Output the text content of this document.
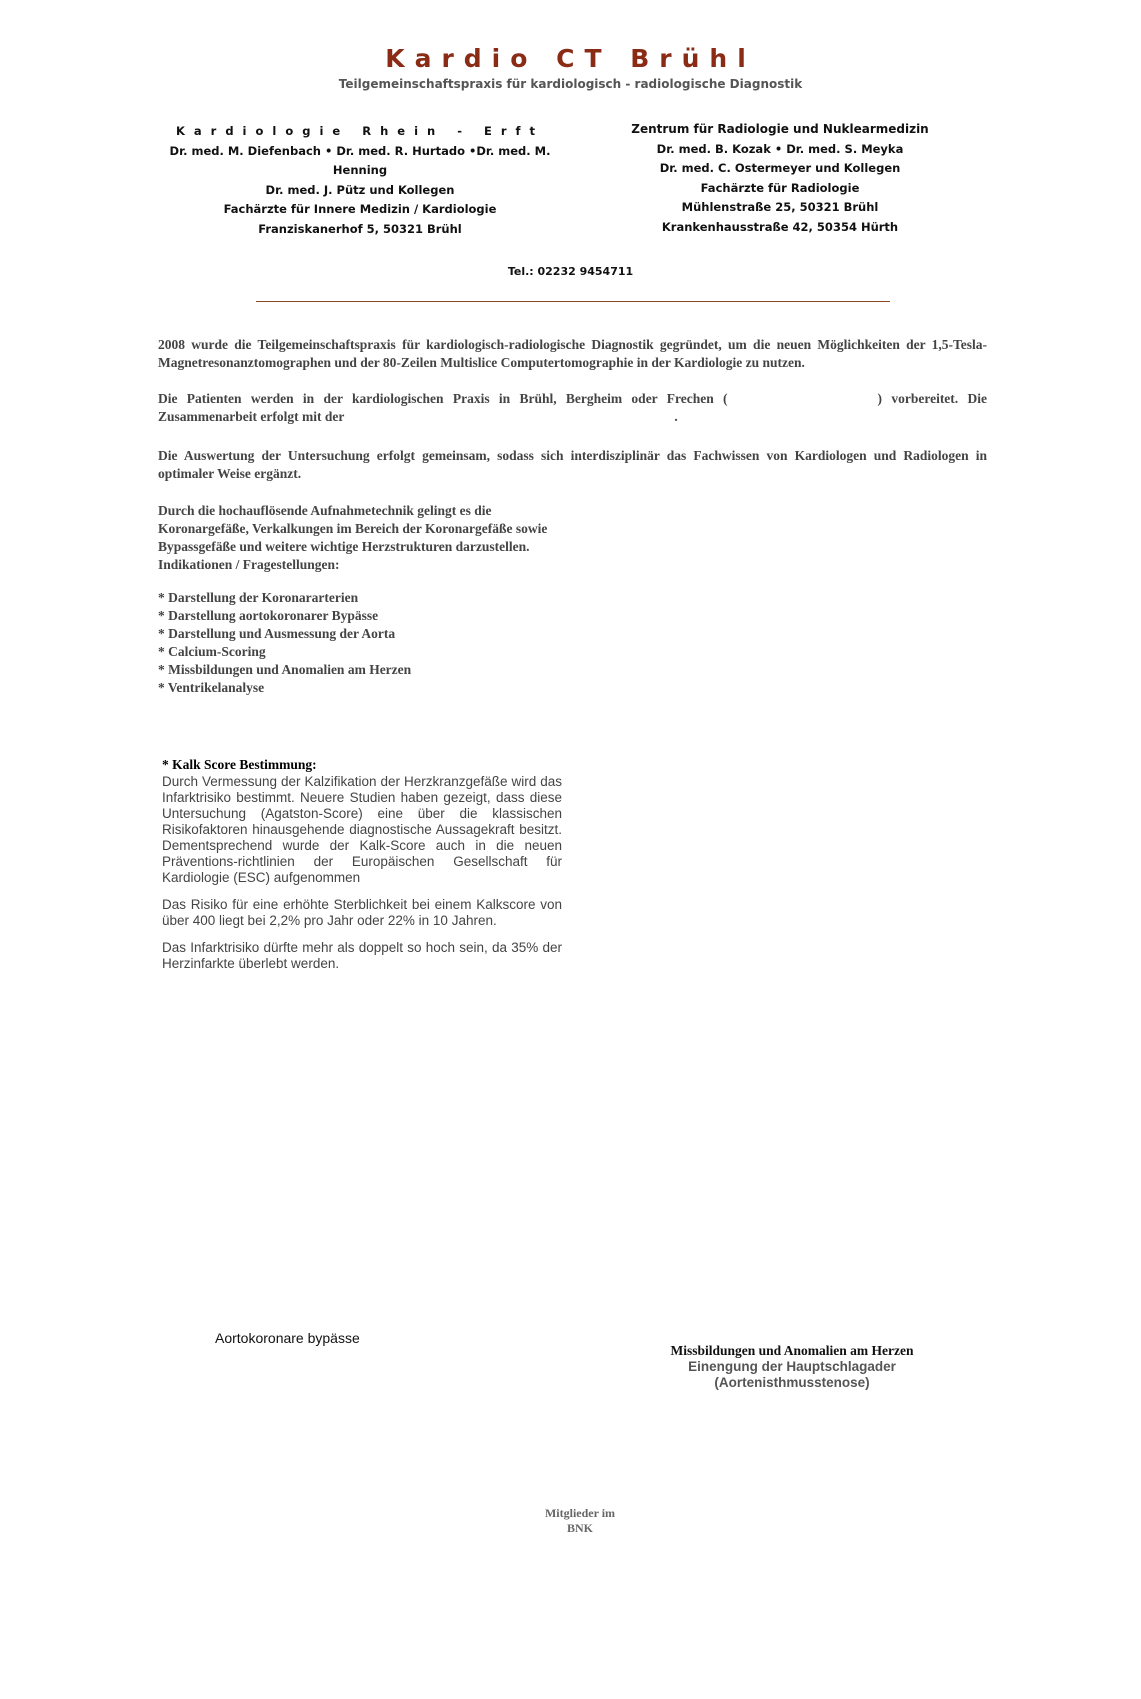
Kardio CT Brühl
Teilgemeinschaftspraxis für kardiologisch - radiologische Diagnostik
Kardiologie Rhein - Erft
Dr. med. M. Diefenbach • Dr. med. R. Hurtado •Dr. med. M. Henning
Dr. med. J. Pütz und Kollegen
Fachärzte für Innere Medizin / Kardiologie
Franziskanerhof 5, 50321 Brühl
Zentrum für Radiologie und Nuklearmedizin
Dr. med. B. Kozak • Dr. med. S. Meyka
Dr. med. C. Ostermeyer und Kollegen
Fachärzte für Radiologie
Mühlenstraße 25, 50321 Brühl
Krankenhausstraße 42, 50354 Hürth
Tel.: 02232 9454711
2008 wurde die Teilgemeinschaftspraxis für kardiologisch-radiologische Diagnostik gegründet, um die neuen Möglichkeiten der 1,5-Tesla-Magnetresonanztomographen und der 80-Zeilen Multislice Computertomographie in der Kardiologie zu nutzen.
Die Patienten werden in der kardiologischen Praxis in Brühl, Bergheim oder Frechen (	) vorbereitet. Die Zusammenarbeit erfolgt mit der	.
Die Auswertung der Untersuchung erfolgt gemeinsam, sodass sich interdisziplinär das Fachwissen von Kardiologen und Radiologen in optimaler Weise ergänzt.
Durch die hochauflösende Aufnahmetechnik gelingt es die
Koronargefäße, Verkalkungen im Bereich der Koronargefäße sowie
Bypassgefäße und weitere wichtige Herzstrukturen darzustellen.
Indikationen / Fragestellungen:
* Darstellung der Koronararterien
* Darstellung aortokoronarer Bypässe
* Darstellung und Ausmessung der Aorta
* Calcium-Scoring
* Missbildungen und Anomalien am Herzen
* Ventrikelanalyse
* Kalk Score Bestimmung:

Durch Vermessung der Kalzifikation der Herzkranzgefäße wird das Infarktrisiko bestimmt. Neuere Studien haben gezeigt, dass diese Untersuchung (Agatston-Score) eine über die klassischen Risikofaktoren hinausgehende diagnostische Aussagekraft besitzt. Dementsprechend wurde der Kalk-Score auch in die neuen Präventions-richtlinien der Europäischen Gesellschaft für Kardiologie (ESC) aufgenommen

Das Risiko für eine erhöhte Sterblichkeit bei einem Kalkscore von über 400 liegt bei 2,2% pro Jahr oder 22% in 10 Jahren.

Das Infarktrisiko dürfte mehr als doppelt so hoch sein, da 35% der Herzinfarkte überlebt werden.

Aortokoronare bypässe
Missbildungen und Anomalien am Herzen
Einengung der Hauptschlagader
(Aortenisthmusstenose)
Mitglieder im
BNK
